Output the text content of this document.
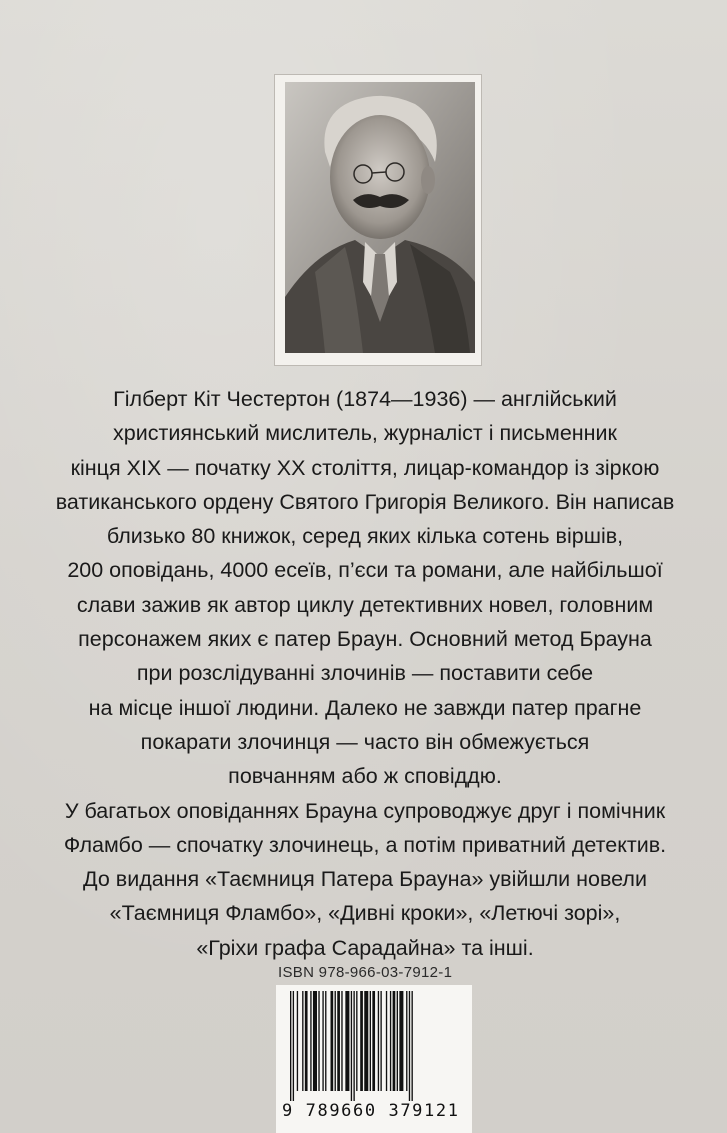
Гілберт Кіт Честертон (1874—1936) — англійський
християнський мислитель, журналіст і письменник
кінця XIX — початку XX століття, лицар-командор із зіркою
ватиканського ордену Святого Григорія Великого. Він написав
близько 80 книжок, серед яких кілька сотень віршів,
200 оповідань, 4000 есеїв, п’єси та романи, але найбільшої
слави зажив як автор циклу детективних новел, головним
персонажем яких є патер Браун. Основний метод Брауна
при розслідуванні злочинів — поставити себе
на місце іншої людини. Далеко не завжди патер прагне
покарати злочинця — часто він обмежується
повчанням або ж сповіддю.
У багатьох оповіданнях Брауна супроводжує друг і помічник
Фламбо — спочатку злочинець, а потім приватний детектив.
До видання «Таємниця Патера Брауна» увійшли новели
«Таємниця Фламбо», «Дивні кроки», «Летючі зорі»,
«Гріхи графа Сарадайна» та інші.
ISBN 978-966-03-7912-1
9 789660 379121
